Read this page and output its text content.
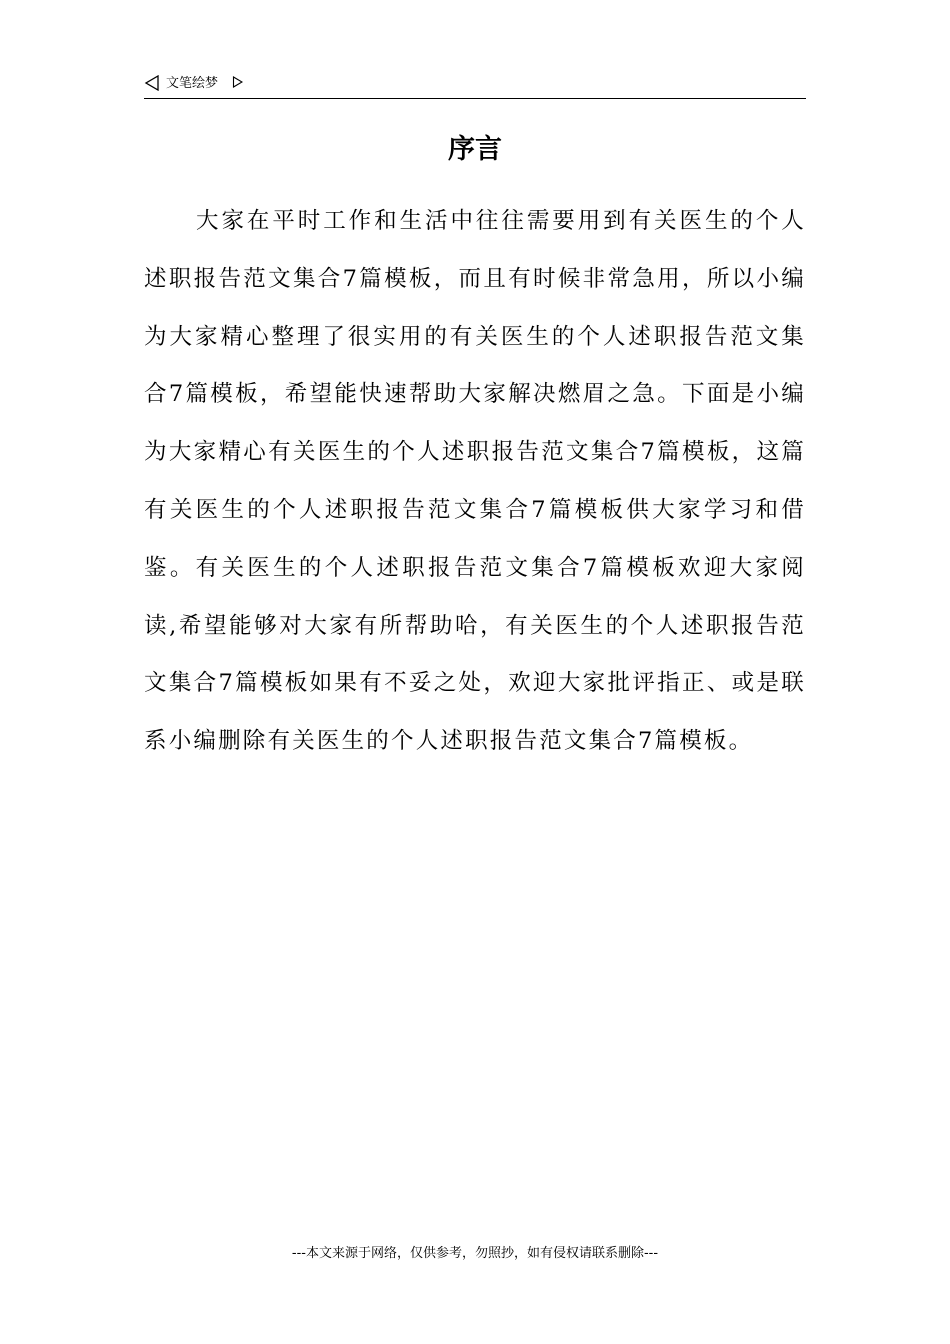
文笔绘梦
序言

大家在平时工作和生活中往往需要用到有关医生的个人述职报告范文集合7篇模板，而且有时候非常急用，所以小编为大家精心整理了很实用的有关医生的个人述职报告范文集合7篇模板，希望能快速帮助大家解决燃眉之急。下面是小编为大家精心有关医生的个人述职报告范文集合7篇模板，这篇有关医生的个人述职报告范文集合7篇模板供大家学习和借鉴。有关医生的个人述职报告范文集合7篇模板欢迎大家阅读,希望能够对大家有所帮助哈，有关医生的个人述职报告范文集合7篇模板如果有不妥之处，欢迎大家批评指正、或是联系小编删除有关医生的个人述职报告范文集合7篇模板。

---本文来源于网络，仅供参考，勿照抄，如有侵权请联系删除---
